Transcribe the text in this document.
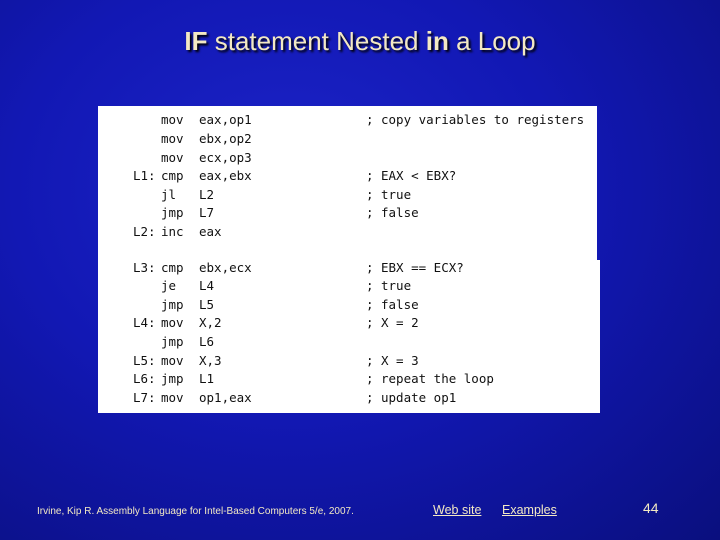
IF statement Nested in a Loop
mov eax,op1	; copy variables to registers
mov ebx,op2
mov ecx,op3
L1: cmp eax,ebx	; EAX < EBX?
jl L2	; true
jmp L7	; false
L2: inc eax
L3: cmp ebx,ecx	; EBX == ECX?
je L4	; true
jmp L5	; false
L4: mov X,2	; X = 2
jmp L6
L5: mov X,3	; X = 3
L6: jmp L1	; repeat the loop
L7: mov op1,eax	; update op1
Irvine, Kip R. Assembly Language for Intel-Based Computers 5/e, 2007.	Web site Examples	44
